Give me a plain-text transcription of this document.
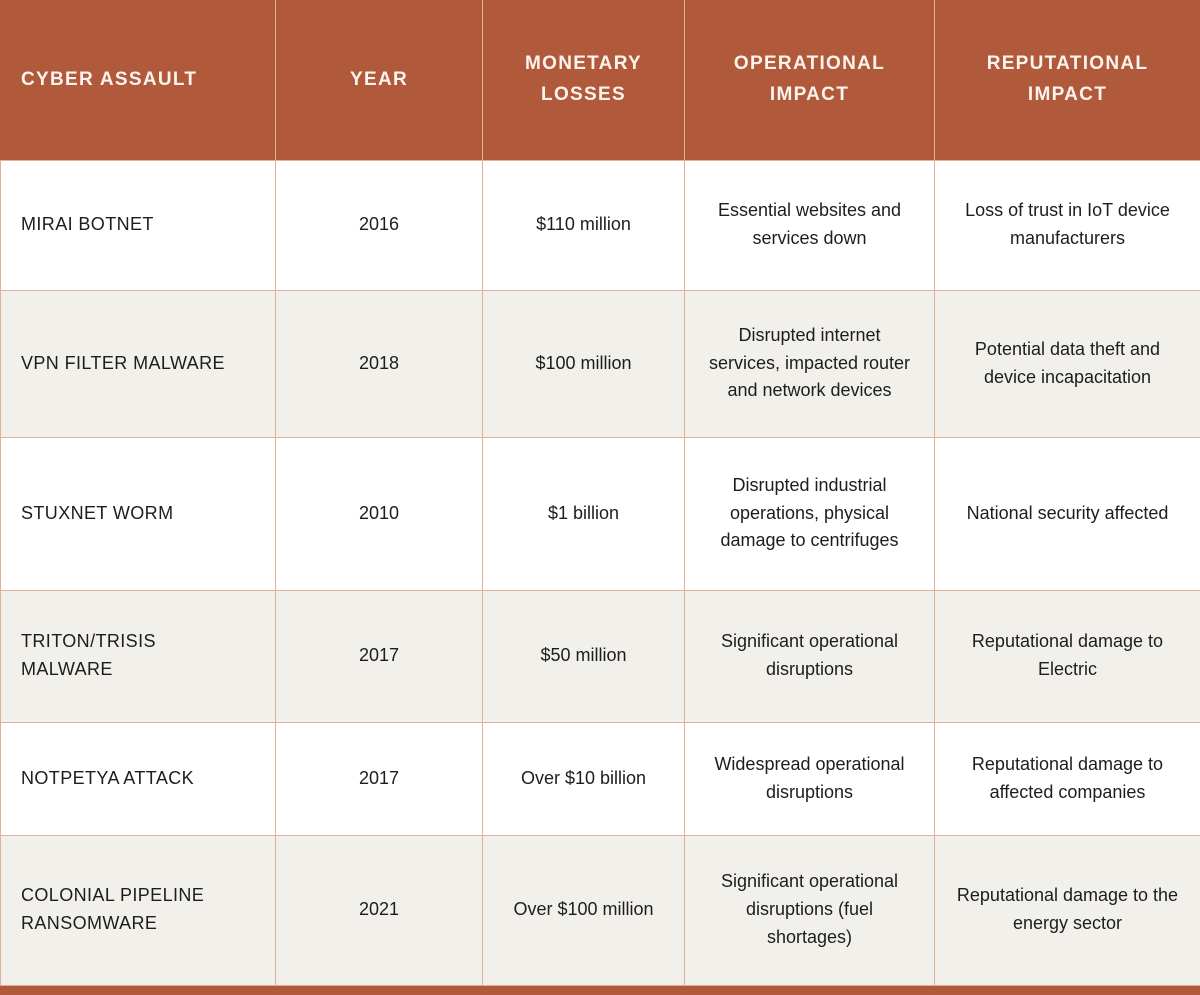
CYBER ASSAULT	YEAR	MONETARY LOSSES	OPERATIONAL IMPACT	REPUTATIONAL IMPACT
MIRAI BOTNET	2016	$110 million	Essential websites and services down	Loss of trust in IoT device manufacturers
VPN FILTER MALWARE	2018	$100 million	Disrupted internet services, impacted router and network devices	Potential data theft and device incapacitation
STUXNET WORM	2010	$1 billion	Disrupted industrial operations, physical damage to centrifuges	National security affected
TRITON/TRISIS MALWARE	2017	$50 million	Significant operational disruptions	Reputational damage to Electric
NOTPETYA ATTACK	2017	Over $10 billion	Widespread operational disruptions	Reputational damage to affected companies
COLONIAL PIPELINE RANSOMWARE	2021	Over $100 million	Significant operational disruptions (fuel shortages)	Reputational damage to the energy sector
